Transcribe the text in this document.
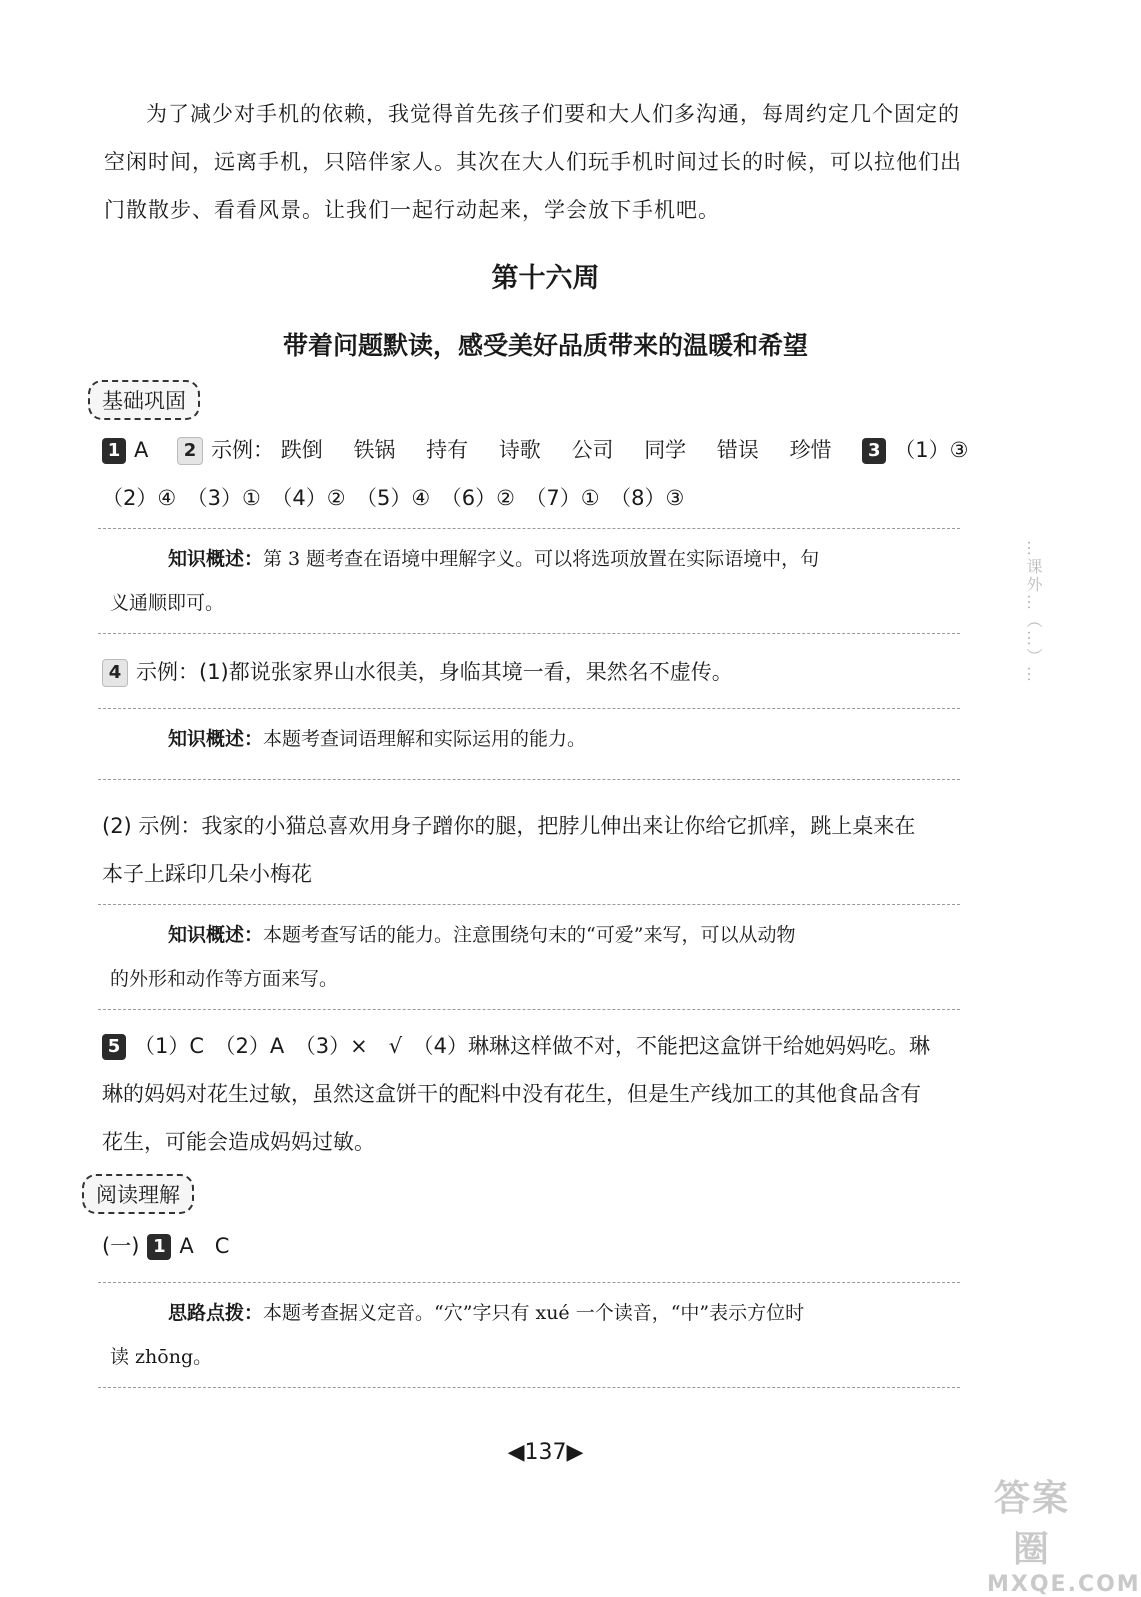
为了减少对手机的依赖，我觉得首先孩子们要和大人们多沟通，每周约定几个固定的

空闲时间，远离手机，只陪伴家人。其次在大人们玩手机时间过长的时候，可以拉他们出

门散散步、看看风景。让我们一起行动起来，学会放下手机吧。

第十六周
带着问题默读，感受美好品质带来的温暖和希望
基础巩固
1 A 2 示例： 跌倒 铁锅 持有 诗歌 公司 同学 错误 珍惜 3 （1）③
（2）④　（3）①　（4）②　（5）④　（6）②　（7）①　（8）③
知识概述：第 3 题考查在语境中理解字义。可以将选项放置在实际语境中，句
义通顺即可。
4 示例：(1)都说张家界山水很美，身临其境一看，果然名不虚传。
知识概述：本题考查词语理解和实际运用的能力。

(2) 示例：我家的小猫总喜欢用身子蹭你的腿，把脖儿伸出来让你给它抓痒，跳上桌来在

本子上踩印几朵小梅花

知识概述：本题考查写话的能力。注意围绕句末的“可爱”来写，可以从动物
的外形和动作等方面来写。

5 （1）C　（2）A　（3）×　√　（4）琳琳这样做不对，不能把这盒饼干给她妈妈吃。琳

琳的妈妈对花生过敏，虽然这盒饼干的配料中没有花生，但是生产线加工的其他食品含有

花生，可能会造成妈妈过敏。

阅读理解
(一) 1 A　C
思路点拨：本题考查据义定音。“穴”字只有 xué 一个读音，“中”表示方位时
读 zhōng。
◀137▶
…课外…（…）…
答案圈
MXQE.COM
